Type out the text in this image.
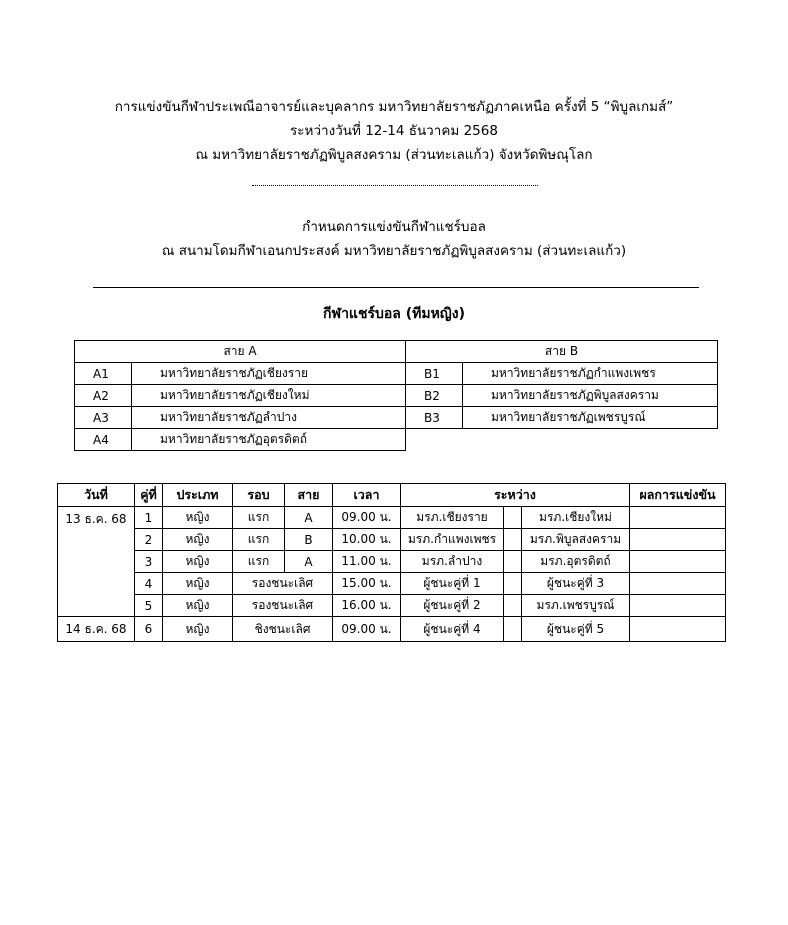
การแข่งขันกีฬาประเพณีอาจารย์และบุคลากร มหาวิทยาลัยราชภัฏภาคเหนือ ครั้งที่ 5 “พิบูลเกมส์”
ระหว่างวันที่ 12-14 ธันวาคม 2568
ณ มหาวิทยาลัยราชภัฏพิบูลสงคราม (ส่วนทะเลแก้ว) จังหวัดพิษณุโลก
กำหนดการแข่งขันกีฬาแชร์บอล
ณ สนามโดมกีฬาเอนกประสงค์ มหาวิทยาลัยราชภัฏพิบูลสงคราม (ส่วนทะเลแก้ว)
กีฬาแชร์บอล (ทีมหญิง)
สาย A		สาย B	
A1	มหาวิทยาลัยราชภัฏเชียงราย	B1	มหาวิทยาลัยราชภัฏกำแพงเพชร
A2	มหาวิทยาลัยราชภัฏเชียงใหม่	B2	มหาวิทยาลัยราชภัฏพิบูลสงคราม
A3	มหาวิทยาลัยราชภัฏลำปาง	B3	มหาวิทยาลัยราชภัฏเพชรบูรณ์
A4	มหาวิทยาลัยราชภัฏอุตรดิตถ์		
วันที่	คู่ที่	ประเภท	รอบ	สาย	เวลา	ระหว่าง			ผลการแข่งขัน
13 ธ.ค. 68	1	หญิง	แรก	A	09.00 น.	มรภ.เชียงราย		มรภ.เชียงใหม่	
	2	หญิง	แรก	B	10.00 น.	มรภ.กำแพงเพชร		มรภ.พิบูลสงคราม	
	3	หญิง	แรก	A	11.00 น.	มรภ.ลำปาง		มรภ.อุตรดิตถ์	
	4	หญิง	รองชนะเลิศ		15.00 น.	ผู้ชนะคู่ที่ 1		ผู้ชนะคู่ที่ 3	
	5	หญิง	รองชนะเลิศ		16.00 น.	ผู้ชนะคู่ที่ 2		มรภ.เพชรบูรณ์	
14 ธ.ค. 68	6	หญิง	ชิงชนะเลิศ		09.00 น.	ผู้ชนะคู่ที่ 4		ผู้ชนะคู่ที่ 5	
